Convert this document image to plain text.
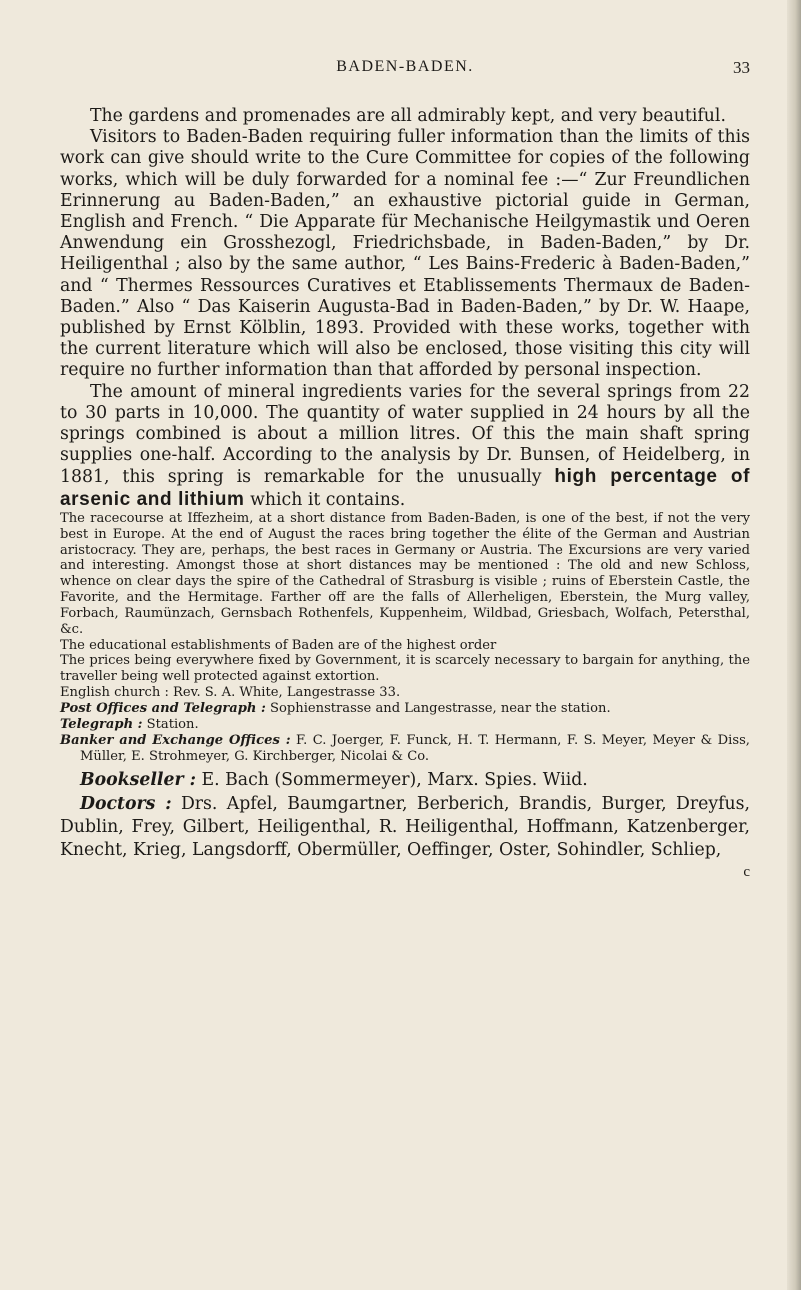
BADEN-BADEN.	33

The gardens and promenades are all admirably kept, and very beautiful.

Visitors to Baden-Baden requiring fuller information than the limits of this work can give should write to the Cure Committee for copies of the following works, which will be duly forwarded for a nominal fee :—“ Zur Freundlichen Erinnerung au Baden-Baden,” an exhaustive pictorial guide in German, English and French. “ Die Apparate für Mechanische Heilgymastik und Oeren Anwendung ein Grosshezogl, Friedrichsbade, in Baden-Baden,” by Dr. Heiligenthal ; also by the same author, “ Les Bains-Frederic à Baden-Baden,” and “ Thermes Ressources Curatives et Etablissements Thermaux de Baden-Baden.” Also “ Das Kaiserin Augusta-Bad in Baden-Baden,” by Dr. W. Haape, published by Ernst Kölblin, 1893. Provided with these works, together with the current literature which will also be enclosed, those visiting this city will require no further information than that afforded by personal inspection.

The amount of mineral ingredients varies for the several springs from 22 to 30 parts in 10,000. The quantity of water supplied in 24 hours by all the springs combined is about a million litres. Of this the main shaft spring supplies one-half. According to the analysis by Dr. Bunsen, of Heidelberg, in 1881, this spring is remarkable for the unusually high percentage of arsenic and lithium which it contains.

The racecourse at Iffezheim, at a short distance from Baden-Baden, is one of the best, if not the very best in Europe. At the end of August the races bring together the élite of the German and Austrian aristocracy. They are, perhaps, the best races in Germany or Austria. The Excursions are very varied and interesting. Amongst those at short distances may be mentioned : The old and new Schloss, whence on clear days the spire of the Cathedral of Strasburg is visible ; ruins of Eberstein Castle, the Favorite, and the Hermitage. Farther off are the falls of Allerheligen, Eberstein, the Murg valley, Forbach, Raumünzach, Gernsbach Rothenfels, Kuppenheim, Wildbad, Griesbach, Wolfach, Petersthal, &c.

The educational establishments of Baden are of the highest order

The prices being everywhere fixed by Government, it is scarcely necessary to bargain for anything, the traveller being well protected against extortion.

English church : Rev. S. A. White, Langestrasse 33.

Post Offices and Telegraph : Sophienstrasse and Langestrasse, near the station.

Telegraph : Station.

Banker and Exchange Offices : F. C. Joerger, F. Funck, H. T. Hermann, F. S. Meyer, Meyer & Diss, Müller, E. Strohmeyer, G. Kirchberger, Nicolai & Co.

Bookseller : E. Bach (Sommermeyer), Marx. Spies. Wiid.

Doctors : Drs. Apfel, Baumgartner, Berberich, Brandis, Burger, Dreyfus, Dublin, Frey, Gilbert, Heiligenthal, R. Heiligenthal, Hoffmann, Katzenberger, Knecht, Krieg, Langsdorff, Obermüller, Oeffinger, Oster, Sohindler, Schliep,

c
